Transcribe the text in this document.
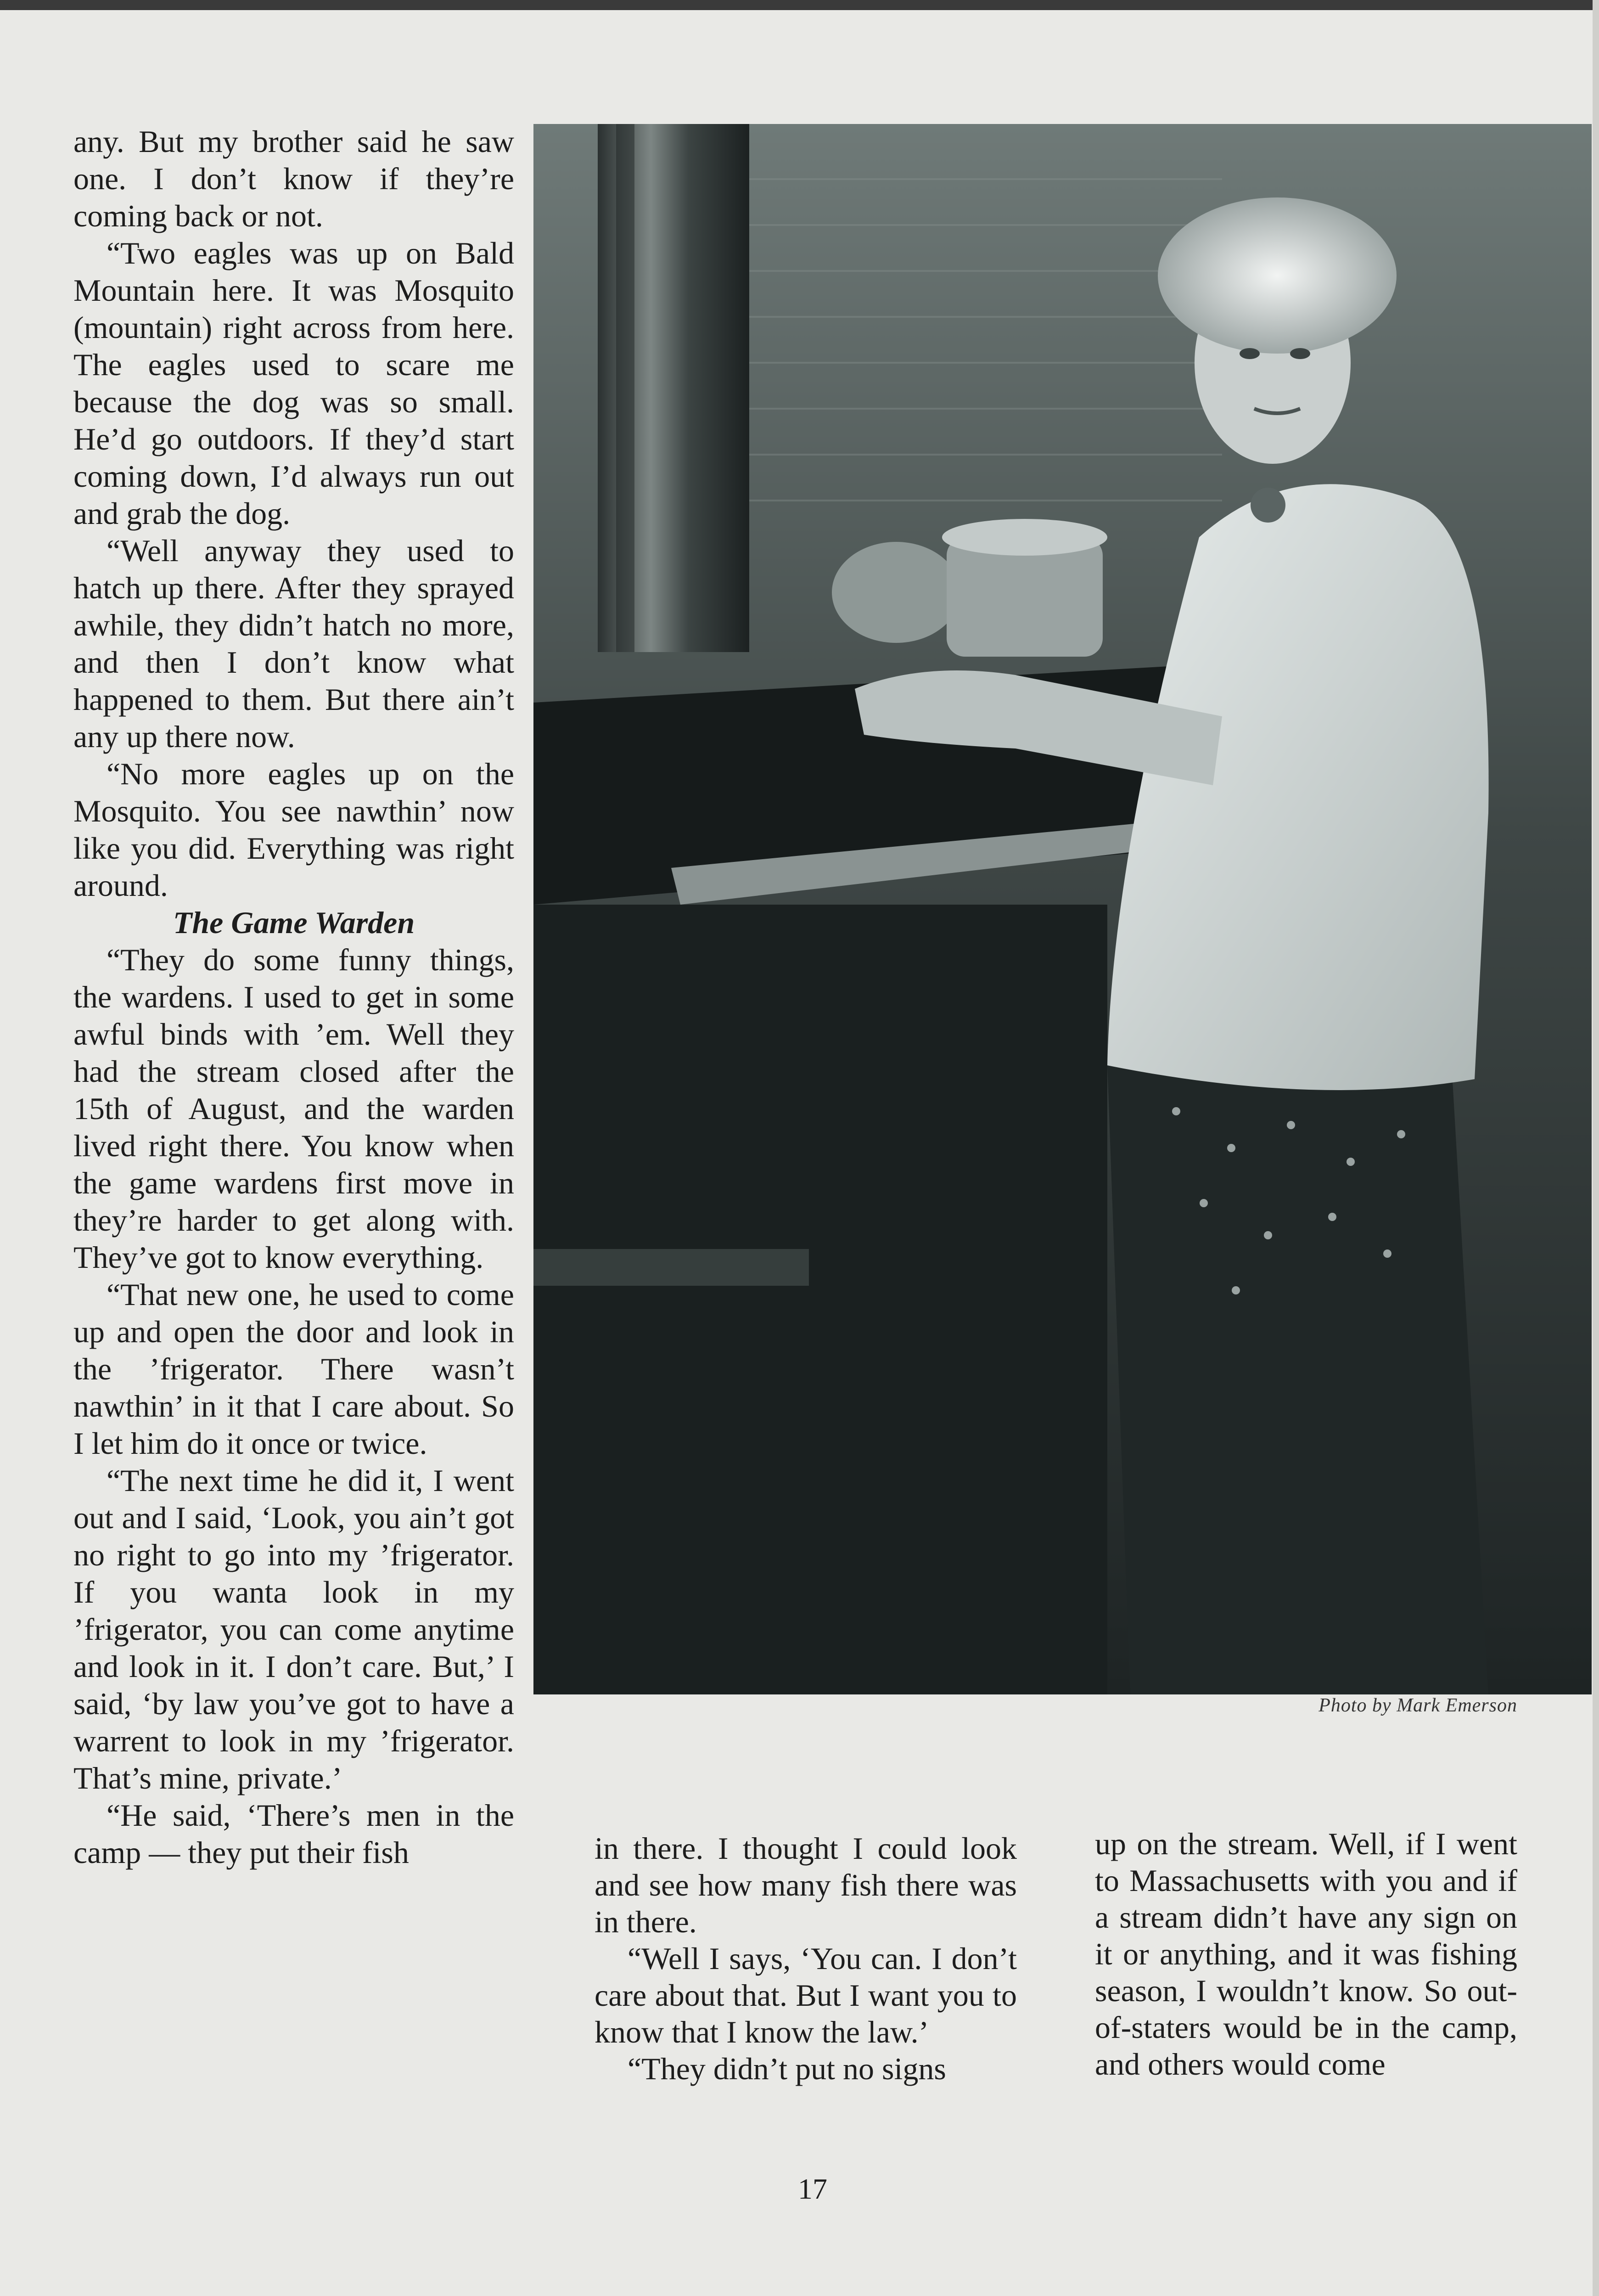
any. But my brother said he saw one. I don’t know if they’re coming back or not.

“Two eagles was up on Bald Mountain here. It was Mosquito (mountain) right across from here. The eagles used to scare me because the dog was so small. He’d go outdoors. If they’d start coming down, I’d always run out and grab the dog.

“Well anyway they used to hatch up there. After they sprayed awhile, they didn’t hatch no more, and then I don’t know what happened to them. But there ain’t any up there now.

“No more eagles up on the Mosquito. You see nawthin’ now like you did. Everything was right around.

The Game Warden

“They do some funny things, the wardens. I used to get in some awful binds with ’em. Well they had the stream closed after the 15th of August, and the warden lived right there. You know when the game wardens first move in they’re harder to get along with. They’ve got to know everything.

“That new one, he used to come up and open the door and look in the ’frigerator. There wasn’t nawthin’ in it that I care about. So I let him do it once or twice.

“The next time he did it, I went out and I said, ‘Look, you ain’t got no right to go into my ’frigerator. If you wanta look in my ’frigerator, you can come anytime and look in it. I don’t care. But,’ I said, ‘by law you’ve got to have a warrent to look in my ’frigerator. That’s mine, private.’

“He said, ‘There’s men in the camp — they put their fish

Photo by Mark Emerson

in there. I thought I could look and see how many fish there was in there.

“Well I says, ‘You can. I don’t care about that. But I want you to know that I know the law.’

“They didn’t put no signs

up on the stream. Well, if I went to Massachusetts with you and if a stream didn’t have any sign on it or anything, and it was fishing season, I wouldn’t know. So out-of-staters would be in the camp, and others would come

17
